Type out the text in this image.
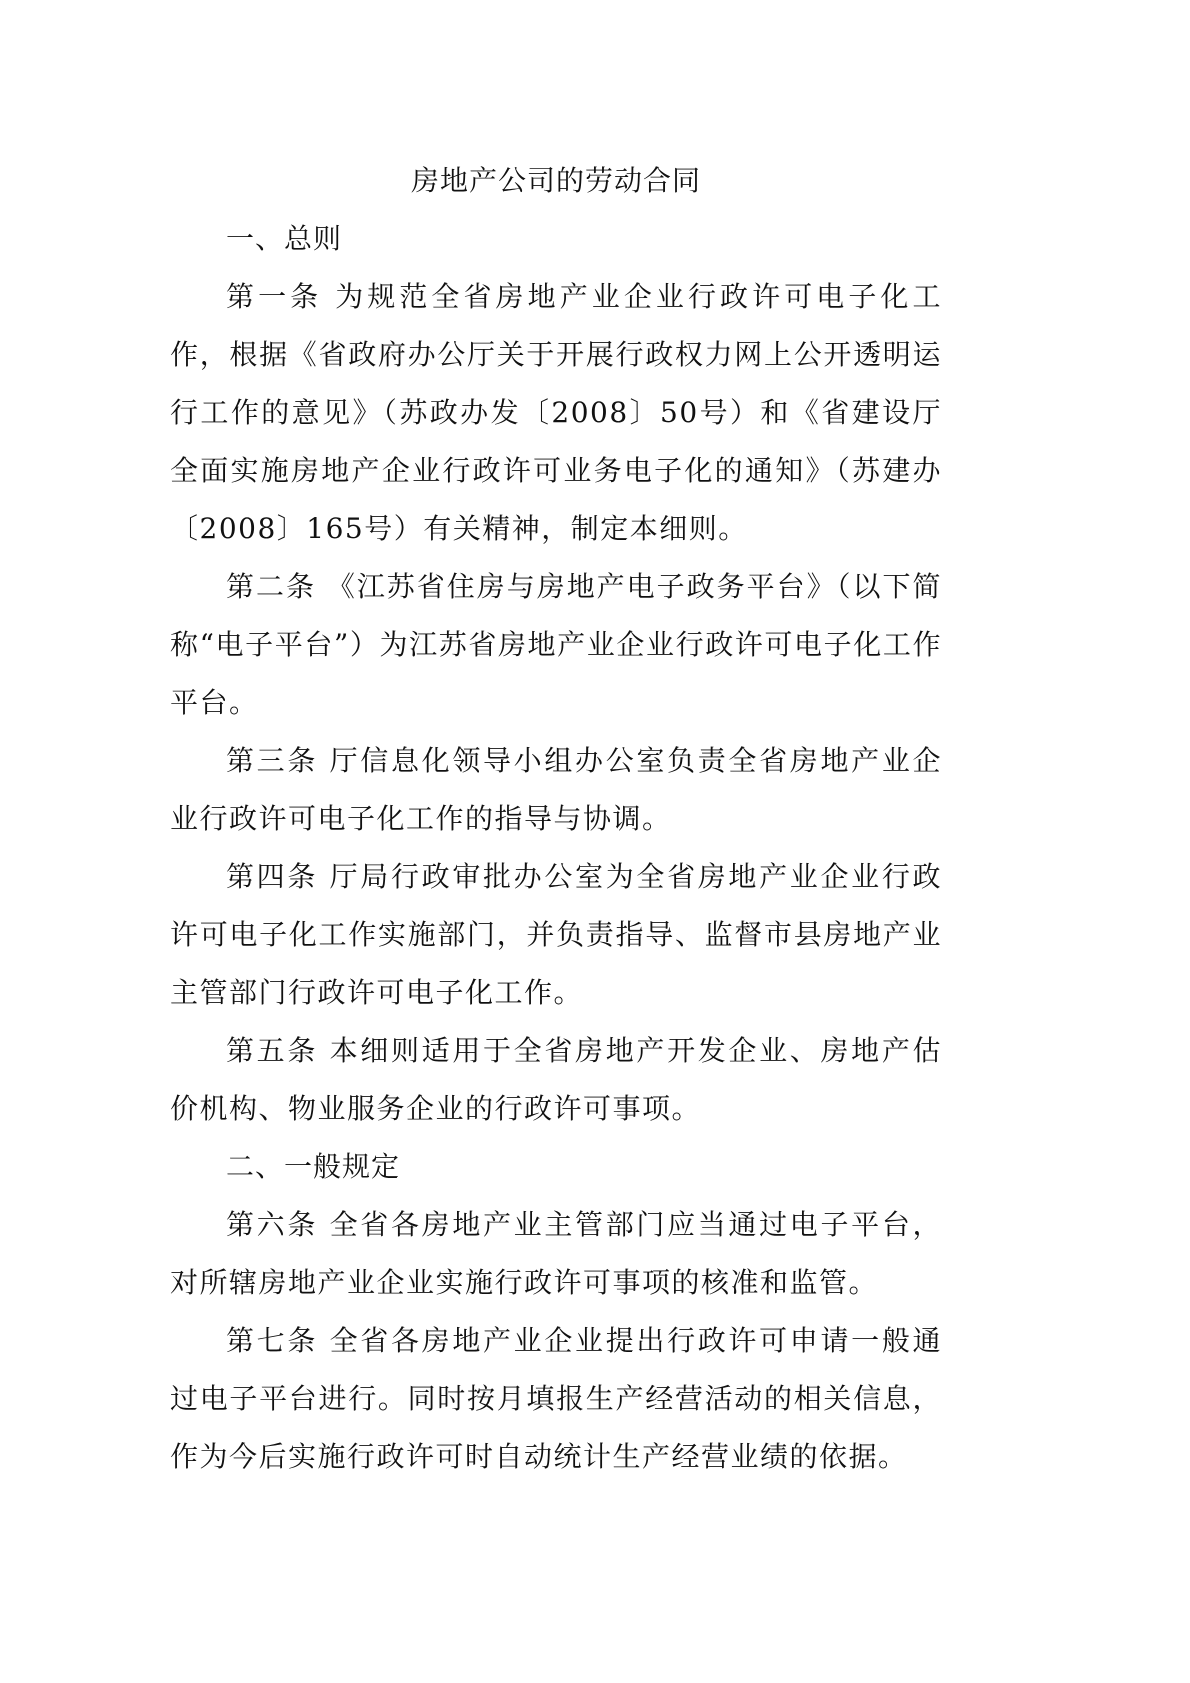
房地产公司的劳动合同
一、总则

第一条 为规范全省房地产业企业行政许可电子化工作，根据《省政府办公厅关于开展行政权力网上公开透明运行工作的意见》（苏政办发〔2008〕50号）和《省建设厅全面实施房地产企业行政许可业务电子化的通知》（苏建办〔2008〕165号）有关精神，制定本细则。

第二条 《江苏省住房与房地产电子政务平台》（以下简称“电子平台”）为江苏省房地产业企业行政许可电子化工作平台。

第三条 厅信息化领导小组办公室负责全省房地产业企业行政许可电子化工作的指导与协调。

第四条 厅局行政审批办公室为全省房地产业企业行政许可电子化工作实施部门，并负责指导、监督市县房地产业主管部门行政许可电子化工作。

第五条 本细则适用于全省房地产开发企业、房地产估价机构、物业服务企业的行政许可事项。

二、一般规定

第六条 全省各房地产业主管部门应当通过电子平台，对所辖房地产业企业实施行政许可事项的核准和监管。

第七条 全省各房地产业企业提出行政许可申请一般通过电子平台进行。同时按月填报生产经营活动的相关信息，作为今后实施行政许可时自动统计生产经营业绩的依据。
